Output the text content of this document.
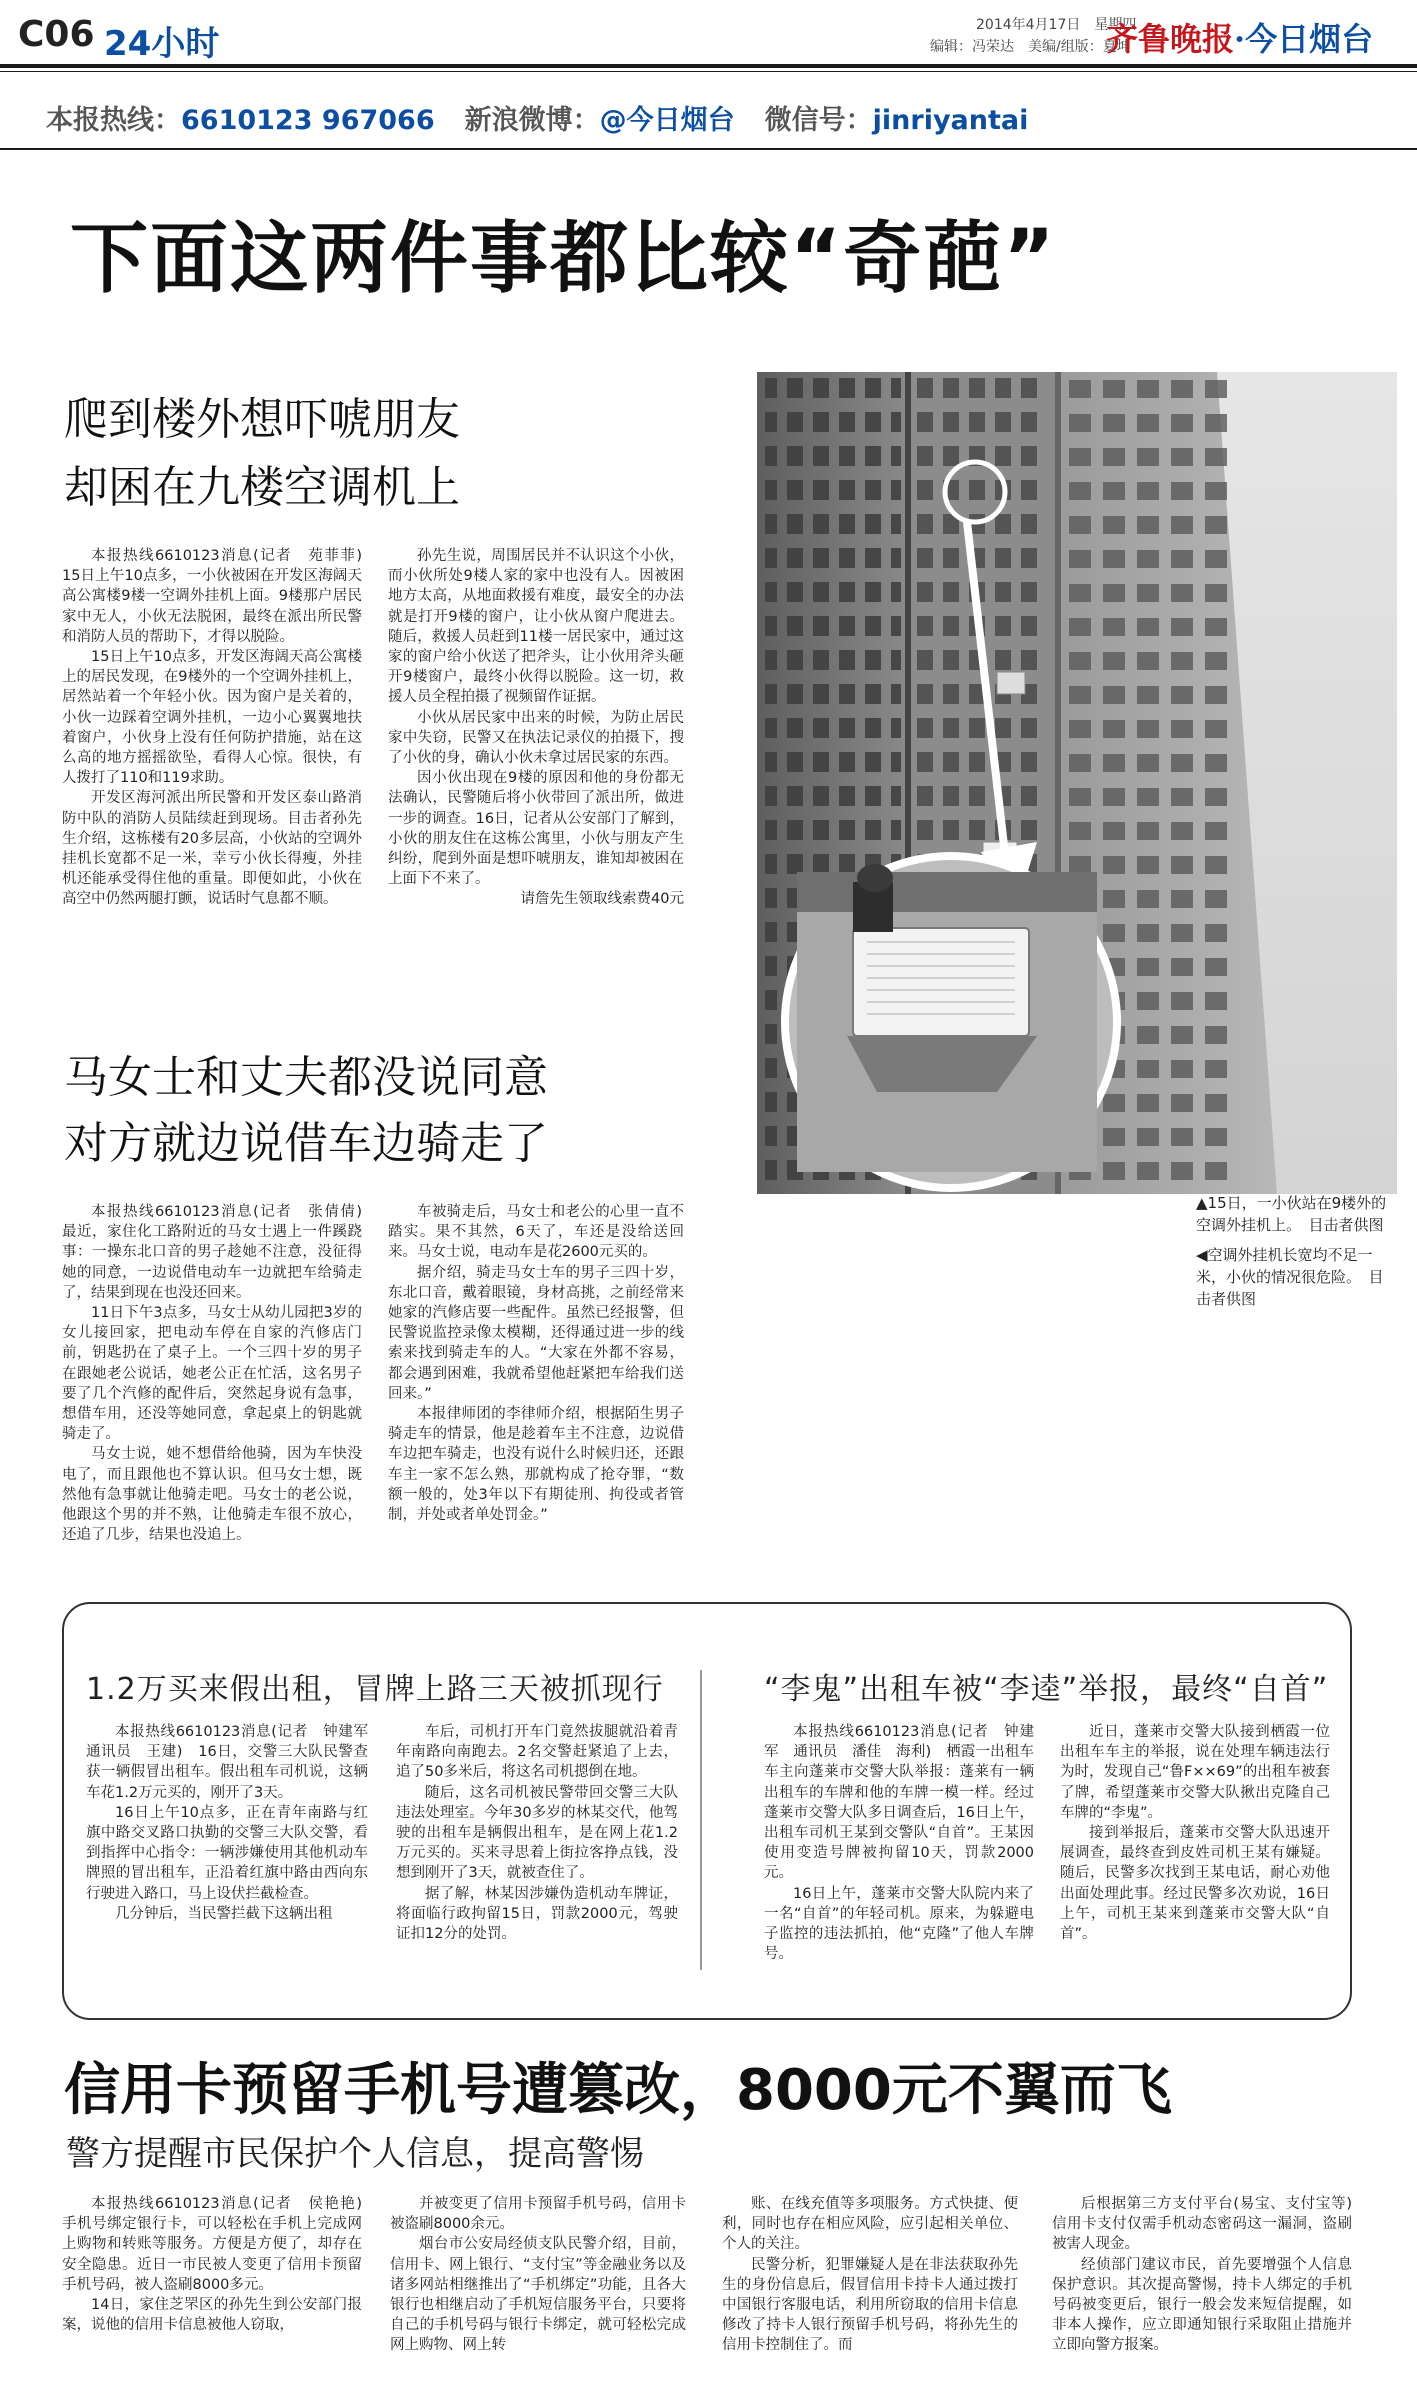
C06 24小时	2014年4月17日　星期四
编辑：冯荣达　美编/组版：夏坤
齐鲁晚报·今日烟台
本报热线：6610123 967066 新浪微博：@今日烟台 微信号：jinriyantai
下面这两件事都比较“奇葩”
爬到楼外想吓唬朋友
却困在九楼空调机上

本报热线6610123消息(记者　苑菲菲)　15日上午10点多，一小伙被困在开发区海阔天高公寓楼9楼一空调外挂机上面。9楼那户居民家中无人，小伙无法脱困，最终在派出所民警和消防人员的帮助下，才得以脱险。

15日上午10点多，开发区海阔天高公寓楼上的居民发现，在9楼外的一个空调外挂机上，居然站着一个年轻小伙。因为窗户是关着的，小伙一边踩着空调外挂机，一边小心翼翼地扶着窗户，小伙身上没有任何防护措施，站在这么高的地方摇摇欲坠，看得人心惊。很快，有人拨打了110和119求助。

开发区海河派出所民警和开发区泰山路消防中队的消防人员陆续赶到现场。目击者孙先生介绍，这栋楼有20多层高，小伙站的空调外挂机长宽都不足一米，幸亏小伙长得瘦，外挂机还能承受得住他的重量。即便如此，小伙在高空中仍然两腿打颤，说话时气息都不顺。

孙先生说，周围居民并不认识这个小伙，而小伙所处9楼人家的家中也没有人。因被困地方太高，从地面救援有难度，最安全的办法就是打开9楼的窗户，让小伙从窗户爬进去。随后，救援人员赶到11楼一居民家中，通过这家的窗户给小伙送了把斧头，让小伙用斧头砸开9楼窗户，最终小伙得以脱险。这一切，救援人员全程拍摄了视频留作证据。

小伙从居民家中出来的时候，为防止居民家中失窃，民警又在执法记录仪的拍摄下，搜了小伙的身，确认小伙未拿过居民家的东西。

因小伙出现在9楼的原因和他的身份都无法确认，民警随后将小伙带回了派出所，做进一步的调查。16日，记者从公安部门了解到，小伙的朋友住在这栋公寓里，小伙与朋友产生纠纷，爬到外面是想吓唬朋友，谁知却被困在上面下不来了。

请詹先生领取线索费40元

▲15日，一小伙站在9楼外的空调外挂机上。　目击者供图

◀空调外挂机长宽均不足一米，小伙的情况很危险。　目击者供图

马女士和丈夫都没说同意
对方就边说借车边骑走了

本报热线6610123消息(记者　张倩倩)　最近，家住化工路附近的马女士遇上一件蹊跷事：一操东北口音的男子趁她不注意，没征得她的同意，一边说借电动车一边就把车给骑走了，结果到现在也没还回来。

11日下午3点多，马女士从幼儿园把3岁的女儿接回家，把电动车停在自家的汽修店门前，钥匙扔在了桌子上。一个三四十岁的男子在跟她老公说话，她老公正在忙活，这名男子要了几个汽修的配件后，突然起身说有急事，想借车用，还没等她同意，拿起桌上的钥匙就骑走了。

马女士说，她不想借给他骑，因为车快没电了，而且跟他也不算认识。但马女士想，既然他有急事就让他骑走吧。马女士的老公说，他跟这个男的并不熟，让他骑走车很不放心，还追了几步，结果也没追上。

车被骑走后，马女士和老公的心里一直不踏实。果不其然，6天了，车还是没给送回来。马女士说，电动车是花2600元买的。

据介绍，骑走马女士车的男子三四十岁，东北口音，戴着眼镜，身材高挑，之前经常来她家的汽修店要一些配件。虽然已经报警，但民警说监控录像太模糊，还得通过进一步的线索来找到骑走车的人。“大家在外都不容易，都会遇到困难，我就希望他赶紧把车给我们送回来。”

本报律师团的李律师介绍，根据陌生男子骑走车的情景，他是趁着车主不注意，边说借车边把车骑走，也没有说什么时候归还，还跟车主一家不怎么熟，那就构成了抢夺罪，“数额一般的，处3年以下有期徒刑、拘役或者管制，并处或者单处罚金。”

1.2万买来假出租，冒牌上路三天被抓现行

本报热线6610123消息(记者　钟建军　通讯员　王建)　16日，交警三大队民警查获一辆假冒出租车。假出租车司机说，这辆车花1.2万元买的，刚开了3天。

16日上午10点多，正在青年南路与红旗中路交叉路口执勤的交警三大队交警，看到指挥中心指令：一辆涉嫌使用其他机动车牌照的冒出租车，正沿着红旗中路由西向东行驶进入路口，马上设伏拦截检查。

几分钟后，当民警拦截下这辆出租

车后，司机打开车门竟然拔腿就沿着青年南路向南跑去。2名交警赶紧追了上去，追了50多米后，将这名司机摁倒在地。

随后，这名司机被民警带回交警三大队违法处理室。今年30多岁的林某交代，他驾驶的出租车是辆假出租车，是在网上花1.2万元买的。买来寻思着上街拉客挣点钱，没想到刚开了3天，就被查住了。

据了解，林某因涉嫌伪造机动车牌证，将面临行政拘留15日，罚款2000元，驾驶证扣12分的处罚。

“李鬼”出租车被“李逵”举报，最终“自首”

本报热线6610123消息(记者　钟建军　通讯员　潘佳　海利)　栖霞一出租车车主向蓬莱市交警大队举报：蓬莱有一辆出租车的车牌和他的车牌一模一样。经过蓬莱市交警大队多日调查后，16日上午，出租车司机王某到交警队“自首”。王某因使用变造号牌被拘留10天，罚款2000元。

16日上午，蓬莱市交警大队院内来了一名“自首”的年轻司机。原来，为躲避电子监控的违法抓拍，他“克隆”了他人车牌号。

近日，蓬莱市交警大队接到栖霞一位出租车车主的举报，说在处理车辆违法行为时，发现自己“鲁F××69”的出租车被套了牌，希望蓬莱市交警大队揪出克隆自己车牌的“李鬼”。

接到举报后，蓬莱市交警大队迅速开展调查，最终查到皮姓司机王某有嫌疑。随后，民警多次找到王某电话，耐心劝他出面处理此事。经过民警多次劝说，16日上午，司机王某来到蓬莱市交警大队“自首”。

信用卡预留手机号遭篡改，8000元不翼而飞
警方提醒市民保护个人信息，提高警惕

本报热线6610123消息(记者　侯艳艳)　手机号绑定银行卡，可以轻松在手机上完成网上购物和转账等服务。方便是方便了，却存在安全隐患。近日一市民被人变更了信用卡预留手机号码，被人盗刷8000多元。

14日，家住芝罘区的孙先生到公安部门报案，说他的信用卡信息被他人窃取，

并被变更了信用卡预留手机号码，信用卡被盗刷8000余元。

烟台市公安局经侦支队民警介绍，目前，信用卡、网上银行、“支付宝”等金融业务以及诸多网站相继推出了“手机绑定”功能，且各大银行也相继启动了手机短信服务平台，只要将自己的手机号码与银行卡绑定，就可轻松完成网上购物、网上转

账、在线充值等多项服务。方式快捷、便利，同时也存在相应风险，应引起相关单位、个人的关注。

民警分析，犯罪嫌疑人是在非法获取孙先生的身份信息后，假冒信用卡持卡人通过拨打中国银行客服电话，利用所窃取的信用卡信息修改了持卡人银行预留手机号码，将孙先生的信用卡控制住了。而

后根据第三方支付平台(易宝、支付宝等)信用卡支付仅需手机动态密码这一漏洞，盗刷被害人现金。

经侦部门建议市民，首先要增强个人信息保护意识。其次提高警惕，持卡人绑定的手机号码被变更后，银行一般会发来短信提醒，如非本人操作，应立即通知银行采取阻止措施并立即向警方报案。
